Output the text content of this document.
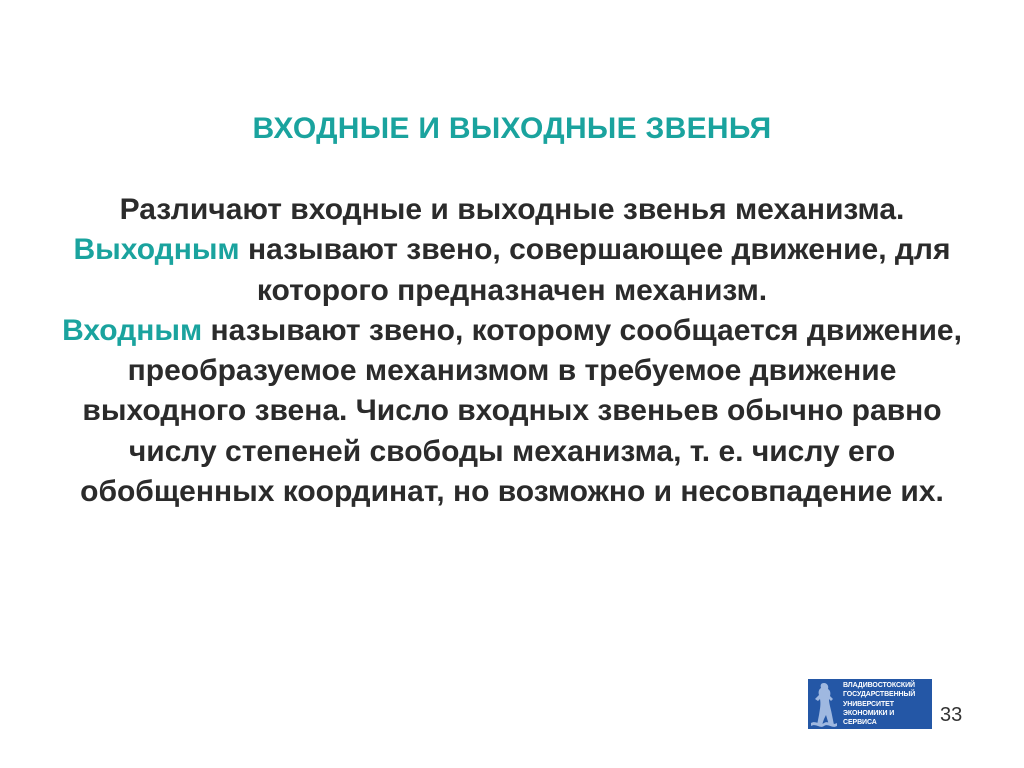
ВХОДНЫЕ И ВЫХОДНЫЕ ЗВЕНЬЯ

Различают входные и выходные звенья механизма.
Выходным называют звено, совершающее движение, для которого предназначен механизм.
Входным называют звено, которому сообщается движение, преобразуемое механизмом в требуемое движение выходного звена. Число входных звеньев обычно равно числу степеней свободы механизма, т. е. числу его обобщенных координат, но возможно и несовпадение их.

ВЛАДИВОСТОКСКИЙ
ГОСУДАРСТВЕННЫЙ
УНИВЕРСИТЕТ
ЭКОНОМИКИ И
СЕРВИСА	33
